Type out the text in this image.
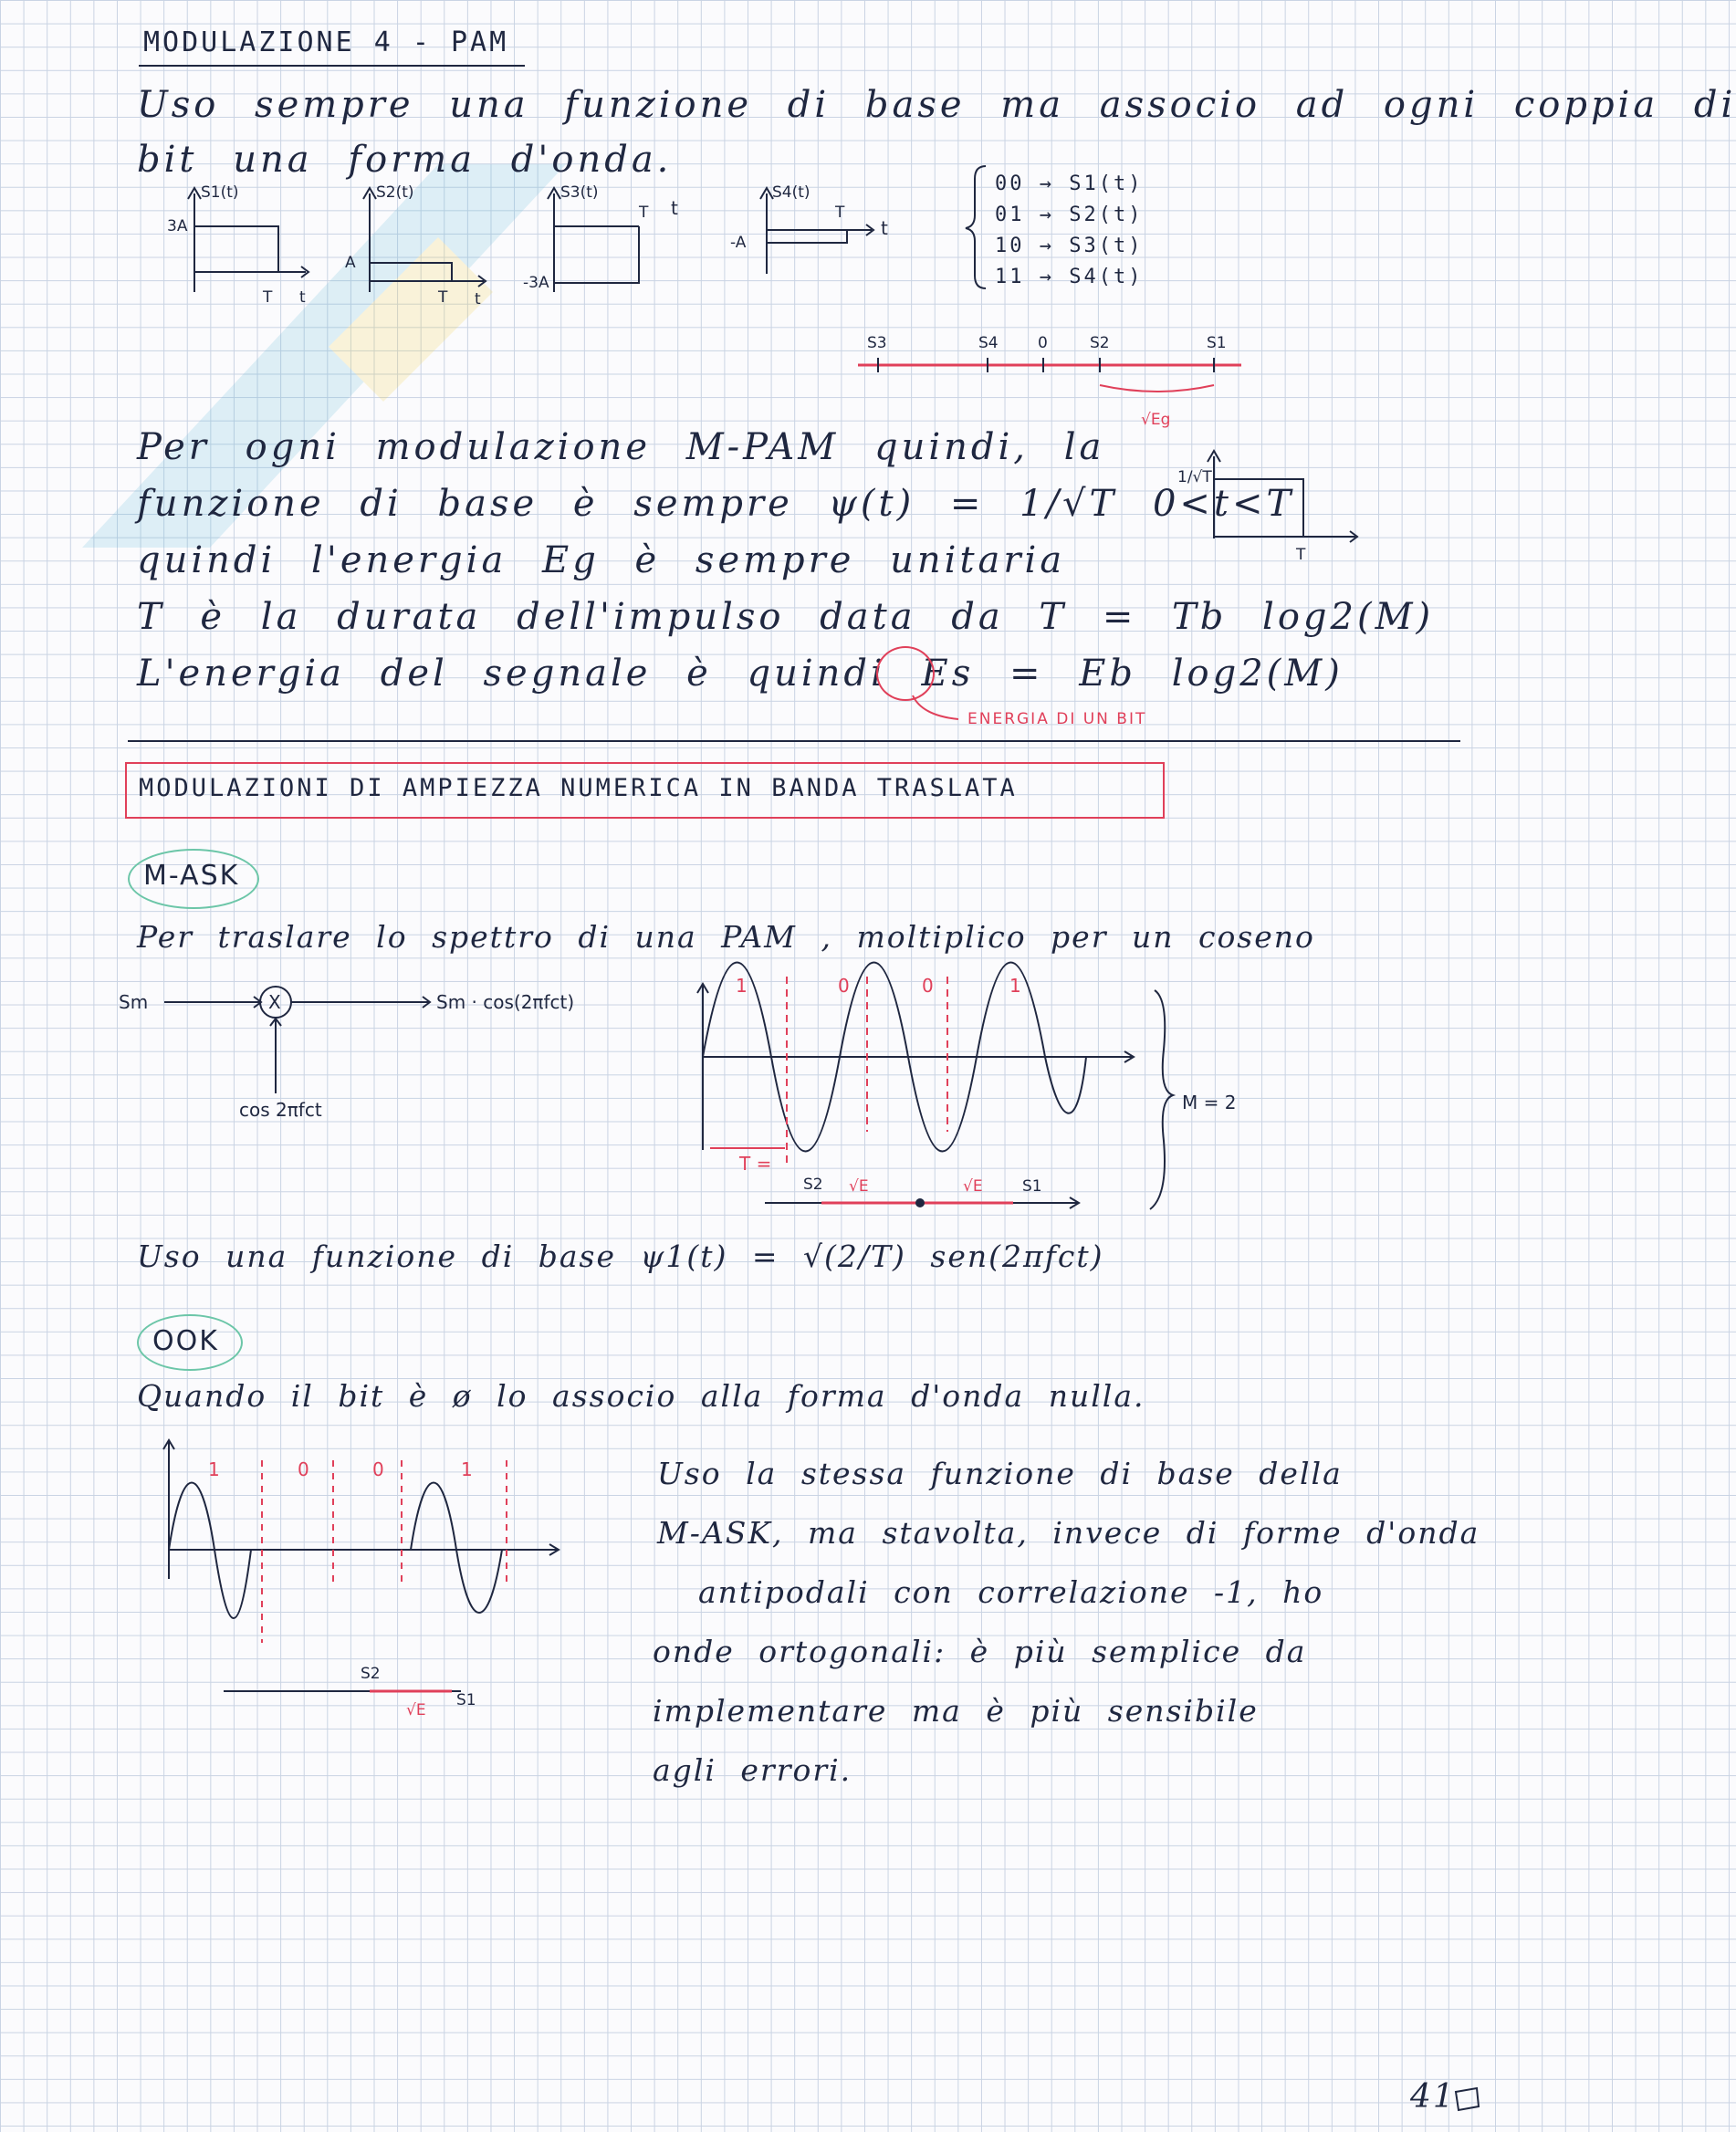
MODULAZIONE 4 - PAM
Uso sempre una funzione di base ma associo ad ogni coppia di
bit una forma d'onda.
S1(t)
3A
T t
S2(t)
A
T t
S3(t)
-3A
T t
S4(t)
-A
T
t
00 → S1(t)
01 → S2(t)
10 → S3(t)
11 → S4(t)
S3	S4	0	S2	S1
√Eg
Per ogni modulazione M-PAM quindi, la
funzione di base è sempre ψ(t) = 1/√T 0<t<T
quindi l'energia Eg è sempre unitaria
T è la durata dell'impulso data da T = Tb log2(M)
L'energia del segnale è quindi Es = Eb log2(M)
ENERGIA DI UN BIT
1/√T
T
MODULAZIONI DI AMPIEZZA NUMERICA IN BANDA TRASLATA
M-ASK
Per traslare lo spettro di una PAM , moltiplico per un coseno
Sm	X	Sm · cos(2πfct)
cos 2πfct
1	0	0	1
T =
M = 2
S2	S1
√E	√E
Uso una funzione di base ψ1(t) = √(2/T) sen(2πfct)
OOK
Quando il bit è ø lo associo alla forma d'onda nulla.
1	0	0	1
S2
S1
√E
Uso la stessa funzione di base della
M-ASK, ma stavolta, invece di forme d'onda
antipodali con correlazione -1, ho
onde ortogonali: è più semplice da
implementare ma è più sensibile
agli errori.
41
